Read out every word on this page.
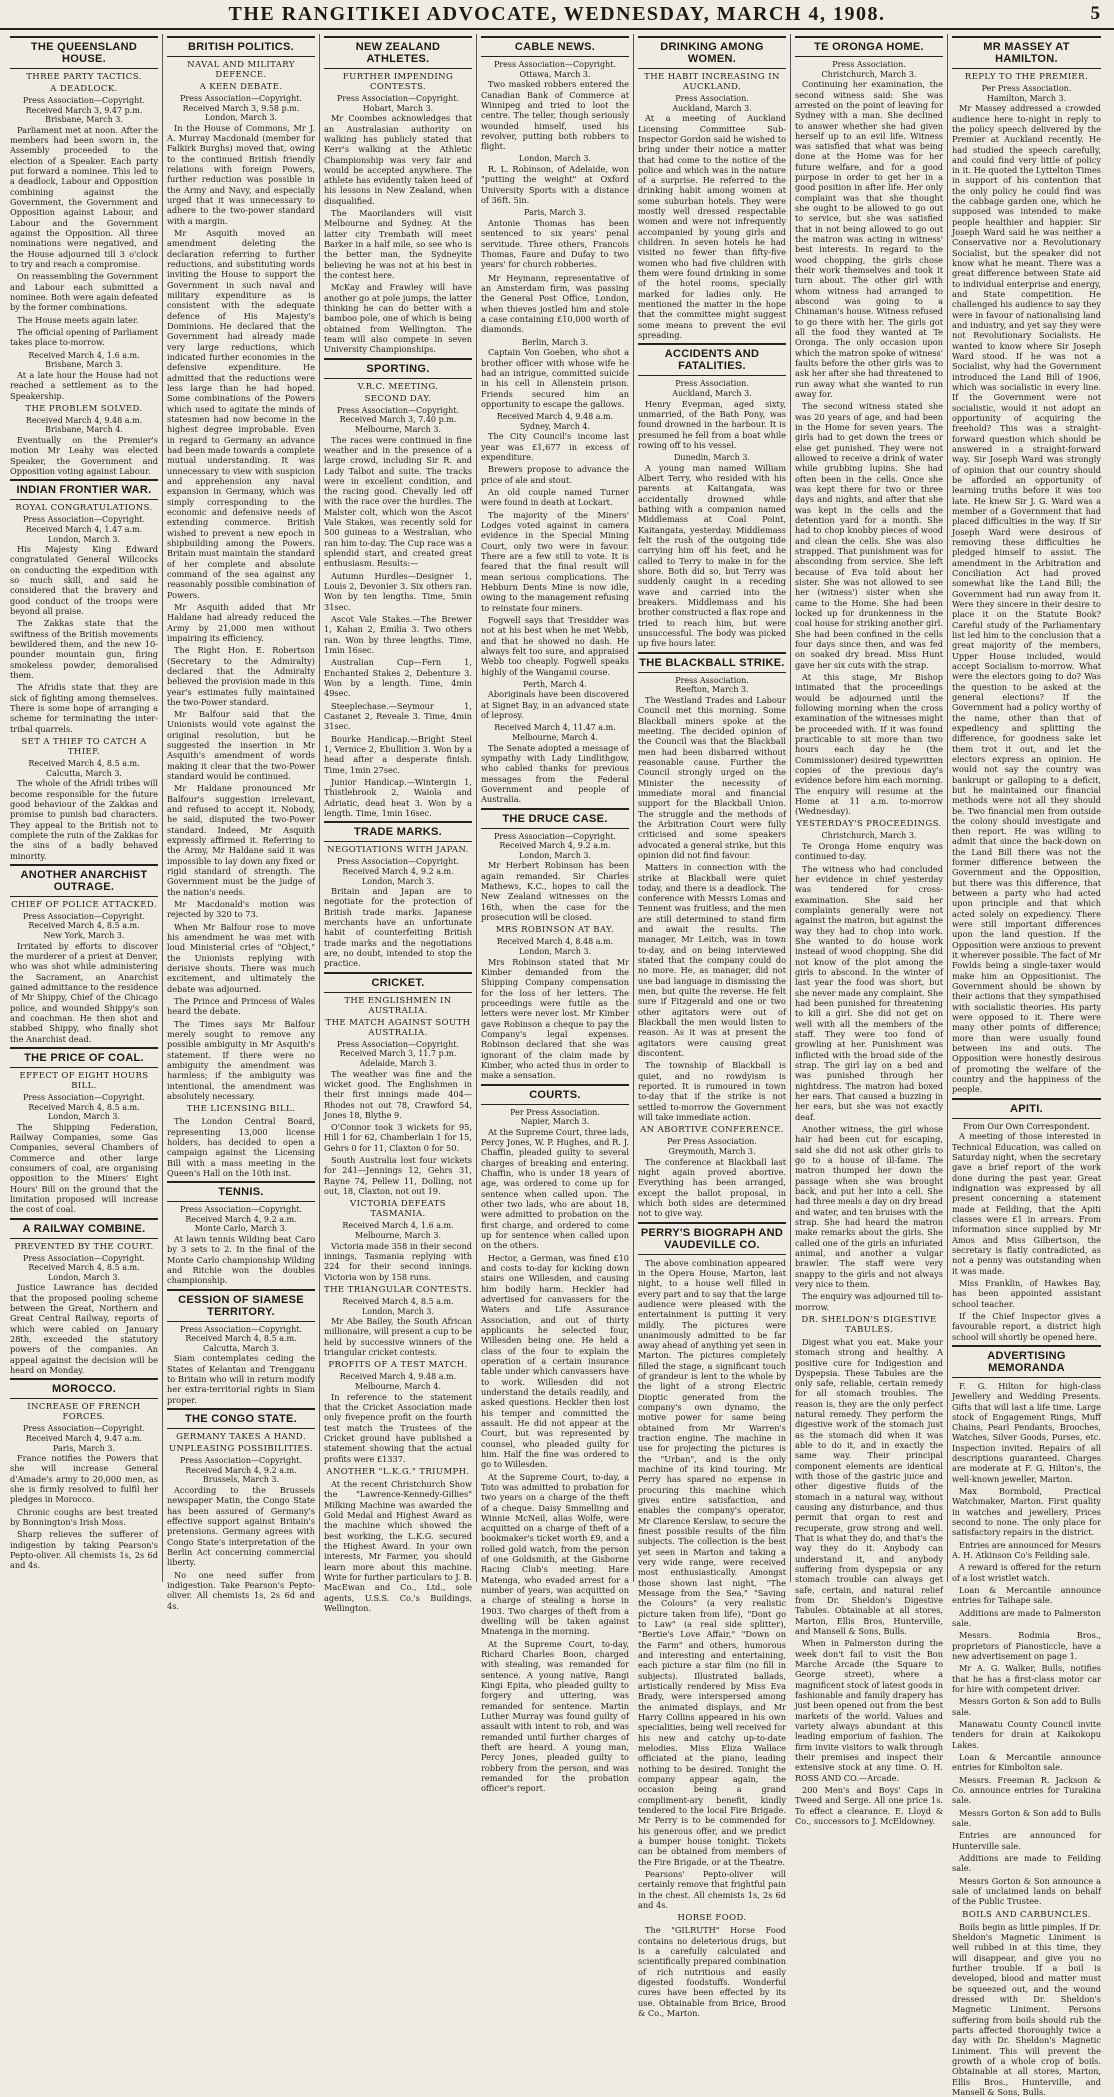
THE RANGITIKEI ADVOCATE, WEDNESDAY, MARCH 4, 1908.	5
THE QUEENSLAND HOUSE.
THREE PARTY TACTICS.
A DEADLOCK.
Press Association—Copyright.
Received March 3, 9.47 p.m.
Brisbane, March 3.

Parliament met at noon. After the members had been sworn in, the Assembly proceeded to the election of a Speaker. Each party put forward a nominee. This led to a deadlock, Labour and Opposition combining against the Government, the Government and Opposition against Labour, and Labour and the Government against the Opposition. All three nominations were negatived, and the House adjourned till 3 o'clock to try and reach a compromise.

On reassembling the Government and Labour each submitted a nominee. Both were again defeated by the former combinations.

The House meets again later.

The official opening of Parliament takes place to-morrow.

Received March 4, 1.6 a.m.
Brisbane, March 3.

At a late hour the House had not reached a settlement as to the Speakership.

THE PROBLEM SOLVED.
Received March 4, 9.48 a.m.
Brisbane, March 4.

Eventually on the Premier's motion Mr Leahy was elected Speaker, the Government and Opposition voting against Labour.

INDIAN FRONTIER WAR.
ROYAL CONGRATULATIONS.
Press Association—Copyright.
Received March 4, 1.47 a.m.
London, March 3.

His Majesty King Edward congratulated General Willcocks on conducting the expedition with so much skill, and said he considered that the bravery and good conduct of the troops were beyond all praise.

The Zakkas state that the swiftness of the British movements bewildered them, and the new 10-pounder mountain gun, firing smokeless powder, demoralised them.

The Afridis state that they are sick of fighting among themselves. There is some hope of arranging a scheme for terminating the inter-tribal quarrels.

SET A THIEF TO CATCH A THIEF.
Received March 4, 8.5 a.m.
Calcutta, March 3.

The whole of the Afridi tribes will become responsible for the future good behaviour of the Zakkas and promise to punish bad characters. They appeal to the British not to complete the ruin of the Zakkas for the sins of a badly behaved minority.

ANOTHER ANARCHIST OUTRAGE.
CHIEF OF POLICE ATTACKED.
Press Association—Copyright.
Received March 4, 8.5 a.m.
New York, March 3.

Irritated by efforts to discover the murderer of a priest at Denver, who was shot while administering the Sacrament, an Anarchist gained admittance to the residence of Mr Shippy, Chief of the Chicago police, and wounded Shippy's son and coachman. He then shot and stabbed Shippy, who finally shot the Anarchist dead.

THE PRICE OF COAL.
EFFECT OF EIGHT HOURS BILL.
Press Association—Copyright.
Received March 4, 8.5 a.m.
London, March 3.

The Shipping Federation, Railway Companies, some Gas Companies, several Chambers of Commerce and other large consumers of coal, are organising opposition to the Miners' Eight Hours' Bill on the ground that the limitation proposed will increase the cost of coal.

A RAILWAY COMBINE.
PREVENTED BY THE COURT.
Press Association—Copyright.
Received March 4, 8.5 a.m.
London, March 3.

Justice Lawrance has decided that the proposed pooling scheme between the Great, Northern and Great Central Railway, reports of which were cabled on January 28th, exceeded the statutory powers of the companies. An appeal against the decision will be heard on Monday.

MOROCCO.
INCREASE OF FRENCH FORCES.
Press Association—Copyright.
Received March 4, 9.47 a.m.
Paris, March 3.

France notifies the Powers that she will increase General d'Amade's army to 20,000 men, as she is firmly resolved to fulfil her pledges in Morocco.

Chronic coughs are best treated by Bonnington's Irish Moss.

Sharp relieves the sufferer of indigestion by taking Pearson's Pepto-oliver. All chemists 1s, 2s 6d and 4s.

BRITISH POLITICS.
NAVAL AND MILITARY DEFENCE.
A KEEN DEBATE.
Press Association—Copyright.
Received March 3, 9.58 p.m.
London, March 3.

In the House of Commons, Mr J. A. Murray Macdonald (member for Falkirk Burghs) moved that, owing to the continued British friendly relations with foreign Powers, further reduction was possible in the Army and Navy, and especially urged that it was unnecessary to adhere to the two-power standard with a margin.

Mr Asquith moved an amendment deleting the declaration referring to further reductions, and substituting words inviting the House to support the Government in such naval and military expenditure as is consistent with the adequate defence of His Majesty's Dominions. He declared that the Government had already made very large reductions, which indicated further economies in the defensive expenditure. He admitted that the reductions were less large than he had hoped. Some combinations of the Powers which used to agitate the minds of statesmen had now become in the highest degree improbable. Even in regard to Germany an advance had been made towards a complete mutual understanding. It was unnecessary to view with suspicion and apprehension any naval expansion in Germany, which was simply corresponding to the economic and defensive needs of extending commerce. British wished to prevent a new epoch in shipbuilding among the Powers. Britain must maintain the standard of her complete and absolute command of the sea against any reasonably possible combination of Powers.

Mr Asquith added that Mr Haldane had already reduced the Army by 21,000 men without impairing its efficiency.

The Right Hon. E. Robertson (Secretary to the Admiralty) declared that the Admiralty believed the provision made in this year's estimates fully maintained the two-Power standard.

Mr Balfour said that the Unionists would vote against the original resolution, but he suggested the insertion in Mr Asquith's amendment of words making it clear that the two-Power standard would be continued.

Mr Haldane pronounced Mr Balfour's suggestion irrelevant, and refused to accept it. Nobody, he said, disputed the two-Power standard. Indeed, Mr Asquith expressly affirmed it. Referring to the Army, Mr Haldane said it was impossible to lay down any fixed or rigid standard of strength. The Government must be the judge of the nation's needs.

Mr Macdonald's motion was rejected by 320 to 73.

When Mr Balfour rose to move his amendment he was met with loud Ministerial cries of "Object," the Unionists replying with derisive shouts. There was much excitement, and ultimately the debate was adjourned.

The Prince and Princess of Wales heard the debate.

The Times says Mr Balfour merely sought to remove any possible ambiguity in Mr Asquith's statement. If there were no ambiguity the amendment was harmless; if the ambiguity was intentional, the amendment was absolutely necessary.

THE LICENSING BILL.

The London Central Board, representing 13,000 license holders, has decided to open a campaign against the Licensing Bill with a mass meeting in the Queen's Hall on the 10th inst.

TENNIS.
Press Association—Copyright.
Received March 4, 9.2 a.m.
Monte Carlo, March 3.

At lawn tennis Wilding beat Caro by 3 sets to 2. In the final of the Monte Carlo championship Wilding and Ritchie won the doubles championship.

CESSION OF SIAMESE TERRITORY.
Press Association—Copyright.
Received March 4, 8.5 a.m.
Calcutta, March 3.

Siam contemplates ceding the States of Kelantan and Trengganu to Britain who will in return modify her extra-territorial rights in Siam proper.

THE CONGO STATE.
GERMANY TAKES A HAND.
UNPLEASING POSSIBILITIES.
Press Association—Copyright.
Received March 4, 9.2 a.m.
Brussels, March 3.

According to the Brussels newspaper Matin, the Congo State has been assured of Germany's effective support against Britain's pretensions. Germany agrees with Congo State's interpretation of the Berlin Act concerning commercial liberty.

No one need suffer from indigestion. Take Pearson's Pepto-oliver. All chemists 1s, 2s 6d and 4s.

NEW ZEALAND ATHLETES.
FURTHER IMPENDING CONTESTS.
Press Association—Copyright.
Hobart, March 3.

Mr Coombes acknowledges that an Australasian authority on walking has publicly stated that Kerr's walking at the Athletic Championship was very fair and would be accepted anywhere. The athlete has evidently taken heed of his lessons in New Zealand, when disqualified.

The Maorilanders will visit Melbourne and Sydney. At the latter city Trembath will meet Barker in a half mile, so see who is the better man, the Sydneyite believing he was not at his best in the contest here.

McKay and Frawley will have another go at pole jumps, the latter thinking he can do better with a bamboo pole, one of which is being obtained from Wellington. The team will also compete in seven University Championships.

SPORTING.
V.R.C. MEETING.
SECOND DAY.
Press Association—Copyright.
Received March 3, 7.40 p.m.
Melbourne, March 3.

The races were continued in fine weather and in the presence of a large crowd, including Sir R. and Lady Talbot and suite. The tracks were in excellent condition, and the racing good. Chevally led off with the race over the hurdles. The Malster colt, which won the Ascot Vale Stakes, was recently sold for 500 guineas to a Westralian, who ran him to-day. The Cup race was a splendid start, and created great enthusiasm. Results:—

Autumn Hurdles—Designer 1, Louis 2, Devonier 3. Six others ran. Won by ten lengths. Time, 5min 31sec.

Ascot Vale Stakes.—The Brewer 1, Kahan 2, Emilia 3. Two others ran. Won by three lengths. Time, 1min 16sec.

Australian Cup—Fern 1, Enchanted Stakes 2, Debenture 3. Won by a length. Time, 4min 49sec.

Steeplechase.—Seymour 1, Castanet 2, Reveale 3. Time, 4min 31sec.

Bourke Handicap.—Bright Steel 1, Vernice 2, Ebullition 3. Won by a head after a desperate finish. Time, 1min 27sec.

Junior Handicap.—Wintergin 1, Thistlebrook 2, Waiola and Adriatic, dead heat 3. Won by a length. Time, 1min 16sec.

TRADE MARKS.
NEGOTIATIONS WITH JAPAN.
Press Association—Copyright.
Received March 4, 9.2 a.m.
London, March 3.

Britain and Japan are to negotiate for the protection of British trade marks. Japanese merchants have an unfortunate habit of counterfeiting British trade marks and the negotiations are, no doubt, intended to stop the practice.

CRICKET.
THE ENGLISHMEN IN AUSTRALIA.
THE MATCH AGAINST SOUTH AUSTRALIA.
Press Association—Copyright.
Received March 3, 11.7 p.m.
Adelaide, March 3.

The weather was fine and the wicket good. The Englishmen in their first innings made 404—Rhodes not out 78, Crawford 54, Jones 18, Blythe 9.

O'Connor took 3 wickets for 95, Hill 1 for 62, Chamberlain 1 for 15, Gehrs 0 for 11, Claxton 0 for 50.

South Australia lost four wickets for 241—Jennings 12, Gehrs 31, Rayne 74, Pellew 11, Dolling, not out, 18, Claxton, not out 19.

VICTORIA DEFEATS TASMANIA.
Received March 4, 1.6 a.m.
Melbourne, March 3.

Victoria made 358 in their second innings, Tasmania replying with 224 for their second innings. Victoria won by 158 runs.

THE TRIANGULAR CONTESTS.
Received March 4, 8.5 a.m.
London, March 3.

Mr Abe Bailey, the South African millionaire, will present a cup to be held by successive winners of the triangular cricket contests.

PROFITS OF A TEST MATCH.
Received March 4, 9.48 a.m.
Melbourne, March 4.

In reference to the statement that the Cricket Association made only fivepence profit on the fourth test match the Trustees of the Cricket ground have published a statement showing that the actual profits were £1337.

ANOTHER "L.K.G." TRIUMPH.

At the recent Christchurch Show the "Lawrence-Kennedy-Gillies" Milking Machine was awarded the Gold Medal and Highest Award as the machine which showed the best working, the L.K.G. secured the Highest Award. In your own interests, Mr Farmer, you should learn more about this machine. Write for further particulars to J. B. MacEwan and Co., Ltd., sole agents, U.S.S. Co.'s Buildings, Wellington.

CABLE NEWS.
Press Association—Copyright.
Ottawa, March 3.

Two masked robbers entered the Canadian Bank of Commerce at Winnipeg and tried to loot the centre. The teller, though seriously wounded himself, used his revolver, putting both robbers to flight.

London, March 3.

R. L. Robinson, of Adelaide, won "putting the weight" at Oxford University Sports with a distance of 36ft. 5in.

Paris, March 3.

Antonie Thomas has been sentenced to six years' penal servitude. Three others, Francois Thomas, Faure and Dufay to two years' for church robberies.

Mr Heymann, representative of an Amsterdam firm, was passing the General Post Office, London, when thieves jostled him and stole a case containing £10,000 worth of diamonds.

Berlin, March 3.

Captain Von Goeben, who shot a brother officer with whose wife he had an intrigue, committed suicide in his cell in Allenstein prison. Friends secured him an opportunity to escape the gallows.

Received March 4, 9.48 a.m.
Sydney, March 4.

The City Council's income last year was £1,677 in excess of expenditure.

Brewers propose to advance the price of ale and stout.

An old couple named Turner were found in death at Lockart.

The majority of the Miners' Lodges voted against in camera evidence in the Special Mining Court, only two were in favour. There are a few still to vote. It is feared that the final result will mean serious complications. The Hebburn Dents Mine is now idle, owing to the management refusing to reinstate four miners.

Fogwell says that Tresidder was not at his best when he met Webb, and that he showed no dash. He always felt too sure, and appraised Webb too cheaply. Fogwell speaks highly of the Wanganui course.

Perth, March 4.

Aboriginals have been discovered at Signet Bay, in an advanced state of leprosy.

Received March 4, 11.47 a.m.
Melbourne, March 4.

The Senate adopted a message of sympathy with Lady Lindlithgow, who cabled thanks for previous messages from the Federal Government and people of Australia.

THE DRUCE CASE.
Press Association—Copyright.
Received March 4, 9.2 a.m.
London, March 3.

Mr Herbert Robinson has been again remanded. Sir Charles Mathews, K.C., hopes to call the New Zealand witnesses on the 16th, when the case for the prosecution will be closed.

MRS ROBINSON AT BAY.
Received March 4, 8.48 a.m.
London, March 3.

Mrs Robinson stated that Mr Kimber demanded from the Shipping Company compensation for the loss of her letters. The proceedings were futile as the letters were never lost. Mr Kimber gave Robinson a cheque to pay the Company's legal expenses. Robinson declared that she was ignorant of the claim made by Kimber, who acted thus in order to make a sensation.

COURTS.
Per Press Association.
Napier, March 3.

At the Supreme Court, three lads, Percy Jones, W. P. Hughes, and R. J. Chaffin, pleaded guilty to several charges of breaking and entering. Chaffin, who is under 18 years of age, was ordered to come up for sentence when called upon. The other two lads, who are about 18, were admitted to probation on the first charge, and ordered to come up for sentence when called upon on the others.

Hector, a German, was fined £10 and costs to-day for kicking down stairs one Willesden, and causing him bodily harm. Heckler had advertised for canvassers for the Waters and Life Assurance Association, and out of thirty applicants he selected four, Willesden being one. He held a class of the four to explain the operation of a certain insurance table under which canvassers have to work. Willesden did not understand the details readily, and asked questions. Heckler then lost his temper and committed the assault. He did not appear at the Court, but was represented by counsel, who pleaded guilty for him. Half the fine was ordered to go to Willesden.

At the Supreme Court, to-day, a Toto was admitted to probation for two years on a charge of the theft of a cheque. Daisy Smmelling and Winnie McNeil, alias Wolfe, were acquitted on a charge of theft of a bookmaker's ticket worth £9, and a rolled gold watch, from the person of one Goldsmith, at the Gisborne Racing Club's meeting. Hare Matenga, who evaded arrest for a number of years, was acquitted on a charge of stealing a horse in 1903. Two charges of theft from a dwelling will be taken against Mnatenga in the morning.

At the Supreme Court, to-day, Richard Charles Boon, charged with stealing, was remanded for sentence. A young native, Rangi Kingi Epita, who pleaded guilty to forgery and uttering, was remanded for sentence. Martin Luther Murray was found guilty of assault with intent to rob, and was remanded until further charges of theft are heard. A young man, Percy Jones, pleaded guilty to robbery from the person, and was remanded for the probation officer's report.

DRINKING AMONG WOMEN.
THE HABIT INCREASING IN AUCKLAND.
Press Association.
Auckland, March 3.

At a meeting of Auckland Licensing Committee Sub-Inspector Gordon said he wished to bring under their notice a matter that had come to the notice of the police and which was in the nature of a surprise. He referred to the drinking habit among women at some suburban hotels. They were mostly well dressed respectable women and were not infrequently accompanied by young girls and children. In seven hotels he had visited no fewer than fifty-five women who had five children with them were found drinking in some of the hotel rooms, specially marked for ladies only. He mentioned the matter in the hope that the committee might suggest some means to prevent the evil spreading.

ACCIDENTS AND FATALITIES.
Press Association.
Auckland, March 3.

Henry Evepman, aged sixty, unmarried, of the Bath Pony, was found drowned in the harbour. It is presumed he fell from a boat while rowing off to his vessel.

Dunedin, March 3.

A young man named William Albert Terry, who resided with his parents at Kaitangata, was accidentally drowned while bathing with a companion named Middlemass at Coal Point, Kaitangata, yesterday. Middlemass felt the rush of the outgoing tide carrying him off his feet, and he called to Terry to make in for the shore. Both did so, but Terry was suddenly caught in a receding wave and carried into the breakers. Middlemass and his brother constructed a flax rope and tried to reach him, but were unsuccessful. The body was picked up five hours later.

THE BLACKBALL STRIKE.
Press Association.
Reefton, March 3.

The Westland Trades and Labour Council met this morning. Some Blackball miners spoke at the meeting. The decided opinion of the Council was that the Blackball men had been disbarred without reasonable cause. Further the Council strongly urged on the Minister the necessity of immediate moral and financial support for the Blackball Union. The struggle and the methods of the Arbitration Court were fully criticised and some speakers advocated a general strike, but this opinion did not find favour.

Matters in connection with the strike at Blackball were quiet today, and there is a deadlock. The conference with Messrs Lomas and Tennent was fruitless, and the men are still determined to stand firm and await the results. The manager, Mr Leitch, was in town to-day, and on being interviewed stated that the company could do no more. He, as manager, did not use bad language in dismissing the men, but quite the reverse. He felt sure if Fitzgerald and one or two other agitators were out of Blackball the men would listen to reason. As it was at present the agitators were causing great discontent.

The township of Blackball is quiet, and no rowdyism is reported. It is rumoured in town to-day that if the strike is not settled to-morrow the Government will take immediate action.

AN ABORTIVE CONFERENCE.
Per Press Association.
Greymouth, March 3.

The conference at Blackball last night again proved abortive. Everything has been arranged, except the ballot proposal, in which both sides are determined not to give way.

PERRY'S BIOGRAPH AND VAUDEVILLE CO.

The above combination appeared in the Opera House, Marton, last night, to a house well filled in every part and to say that the large audience were pleased with the entertainment is putting it very mildly. The pictures were unanimously admitted to be far away ahead of anything yet seen in Marton. The pictures completely filled the stage, a significant touch of grandeur is lent to the whole by the light of a strong Electric Dioptic generated from the company's own dynamo, the motive power for same being obtained from Mr Warren's traction engine. The machine in use for projecting the pictures is the "Urban", and is the only machine of its kind touring. Mr Perry has spared no expense in procuring this machine which gives entire satisfaction, and enables the company's operator, Mr Clarence Kerslaw, to secure the finest possible results of the film subjects. The collection is the best yet seen in Marton and taking a very wide range, were received most enthusiastically. Amongst those shown last night, "The Message from the Sea," "Saving the Colours" (a very realistic picture taken from life), "Dont go to Law" (a real side splitter), "Bertie's Love Affair," "Down on the Farm" and others, humorous and interesting and entertaining, each picture a star film (no fill in subjects). Illustrated ballads, artistically rendered by Miss Eva Brady, were interspersed among the animated displays, and Mr Harry Collins appeared in his own specialities, being well received for his new and catchy up-to-date melodies. Miss Eliza Wallace officiated at the piano, leading nothing to be desired. Tonight the company appear again, the occasion being a grand compliment-ary benefit, kindly tendered to the local Fire Brigade. Mr Perry is to be commended for his generous offer, and we predict a bumper house tonight. Tickets can be obtained from members of the Fire Brigade, or at the Theatre.

Pearsons' Pepto-oliver will certainly remove that frightful pain in the chest. All chemists 1s, 2s 6d and 4s.

HORSE FOOD.

The "GILRUTH" Horse Food contains no deleterious drugs, but is a carefully calculated and scientifically prepared combination of rich nutritious and easily digested foodstuffs. Wonderful cures have been effected by its use. Obtainable from Brice, Brood & Co., Marton.

TE ORONGA HOME.
Press Association.
Christchurch, March 3.

Continuing her examination, the second witness said: She was arrested on the point of leaving for Sydney with a man. She declined to answer whether she had given herself up to an evil life. Witness was satisfied that what was being done at the Home was for her future welfare, and for a good purpose in order to get her in a good position in after life. Her only complaint was that she thought she ought to be allowed to go out to service, but she was satisfied that in not being allowed to go out the matron was acting in witness' best interests. In regard to the wood chopping, the girls chose their work themselves and took it turn about. The other girl with whom witness had arranged to abscond was going to a Chinaman's house. Witness refused to go there with her. The girls got all the food they wanted at Te Oronga. The only occasion upon which the matron spoke of witness' faults before the other girls was to ask her after she had threatened to run away what she wanted to run away for.

The second witness stated she was 20 years of age, and had been in the Home for seven years. The girls had to get down the trees or else get punished. They were not allowed to receive a drink of water while grubbing lupins. She had often been in the cells. Once she was kept there for two or three days and nights, and after that she was kept in the cells and the detention yard for a month. She had to chop knobby pieces of wood and clean the cells. She was also strapped. That punishment was for absconding from service. She left because of Eva told about her sister. She was not allowed to see her (witness') sister when she came to the Home. She had been locked up for drunkenness in the coal house for striking another girl. She had been confined in the cells four days since then, and was fed on soaked dry bread. Miss Hunt gave her six cuts with the strap.

At this stage, Mr Bishop intimated that the proceedings would be adjourned until the following morning when the cross examination of the witnesses might be proceeded with. If it was found practicable to sit more than two hours each day he (the Commissioner) desired typewritten copies of the previous day's evidence before him each morning. The enquiry will resume at the Home at 11 a.m. to-morrow (Wednesday).

YESTERDAY'S PROCEEDINGS.
Christchurch, March 3.

Te Oronga Home enquiry was continued to-day.

The witness who had concluded her evidence in chief yesterday was tendered for cross-examination. She said her complaints generally were not against the matron, but against the way they had to chop into work. She wanted to do house work instead of wood chopping. She did not know of the plot among the girls to abscond. In the winter of last year the food was short, but she never made any complaint. She had been punished for threatening to kill a girl. She did not get on well with all the members of the staff. They were too fond of growling at her. Punishment was inflicted with the broad side of the strap. The girl lay on a bed and was punished through her nightdress. The matron had boxed her ears. That caused a buzzing in her ears, but she was not exactly deaf.

Another witness, the girl whose hair had been cut for escaping, said she did not ask other girls to go to a house of ill-fame. The matron thumped her down the passage when she was brought back, and put her into a cell. She had three meals a day on dry bread and water, and ten bruises with the strap. She had heard the matron make remarks about the girls. She called one of the girls an infuriated animal, and another a vulgar brawler. The staff were very snappy to the girls and not always very nice to them.

The enquiry was adjourned till to-morrow.

DR. SHELDON'S DIGESTIVE TABULES.

Digest what you eat. Make your stomach strong and healthy. A positive cure for Indigestion and Dyspepsia. These Tabules are the only safe, reliable, certain remedy for all stomach troubles. The reason is, they are the only perfect natural remedy. They perform the digestive work of the stomach just as the stomach did when it was able to do it, and in exactly the same way. Their principal component elements are identical with those of the gastric juice and other digestive fluids of the stomach in a natural way, without causing any disturbance, and thus permit that organ to rest and recuperate, grow strong and well. That is what they do, and that's the way they do it. Anybody can understand it, and anybody suffering from dyspepsia or any stomach trouble can always get safe, certain, and natural relief from Dr. Sheldon's Digestive Tabules. Obtainable at all stores, Marton, Ellis Bros, Hunterville, and Mansell & Sons, Bulls.

When in Palmerston during the week don't fail to visit the Bon Marche Arcade (the Square to George street), where a magnificent stock of latest goods in fashionable and family drapery has just been opened out from the best markets of the world. Values and variety always abundant at this leading emporium of fashion. The firm invite visitors to walk through their premises and inspect their extensive stock at any time. O. H. ROSS AND CO.—Arcade.

200 Men's and Boys' Caps in Tweed and Serge. All one price 1s. To effect a clearance. E. Lloyd & Co., successors to J. McEldowney.

MR MASSEY AT HAMILTON.
REPLY TO THE PREMIER.
Per Press Association.
Hamilton, March 3.

Mr Massey addressed a crowded audience here to-night in reply to the policy speech delivered by the Premier at Auckland recently. He had studied the speech carefully, and could find very little of policy in it. He quoted the Lyttelton Times in support of his contention that the only policy he could find was the cabbage garden one, which he supposed was intended to make people healthier and happier. Sir Joseph Ward said he was neither a Conservative nor a Revolutionary Socialist, but the speaker did not know what he meant. There was a great difference between State aid to individual enterprise and energy, and State competition. He challenged his audience to say they were in favour of nationalising land and industry, and yet say they were not Revolutionary Socialists. He wanted to know where Sir Joseph Ward stood. If he was not a Socialist, why had the Government introduced the Land Bill of 1906, which was socialistic in every line. If the Government were not socialistic, would it not adopt an opportunity of acquiring the freehold? This was a straight-forward question which should be answered in a straight-forward way. Sir Joseph Ward was strongly of opinion that our country should be afforded an opportunity of learning truths before it was too late. He knew Sir J. G. Ward was a member of a Government that had placed difficulties in the way. If Sir Joseph Ward were desirous of removing these difficulties he pledged himself to assist. The amendment in the Arbitration and Conciliation Act had proved somewhat like the Land Bill; the Government had run away from it. Were they sincere in their desire to place it on the Statute Book? Careful study of the Parliamentary list led him to the conclusion that a great majority of the members, Upper House included, would accept Socialism to-morrow. What were the electors going to do? Was the question to be asked at the general elections? If the Government had a policy worthy of the name, other than that of expediency and splitting the difference, for goodness sake let them trot it out, and let the electors express an opinion. He would not say the country was bankrupt or galloping to a deficit, but he maintained our financial methods were not all they should be. Two financial men from outside the colony should investigate and then report. He was willing to admit that since the back-down on the Land Bill there was not the former difference between the Government and the Opposition, but there was this difference, that between a party who had acted upon principle and that which acted solely on expediency. There were still important differences upon the land question. If the Opposition were anxious to prevent it wherever possible. The fact of Mr Fowlds being a single-taxer would make him an Oppositionist. The Government should be shown by their actions that they sympathised with socialistic theories. His party were opposed to it. There were many other points of difference; more than were usually found between ins and outs. The Opposition were honestly desirous of promoting the welfare of the country and the happiness of the people.

APITI.
From Our Own Correspondent.

A meeting of those interested in Technical Education, was called on Saturday night, when the secretary gave a brief report of the work done during the past year. Great indignation was expressed by all present concerning a statement made at Feilding, that the Apiti classes were £1 in arrears. From information since supplied by Mr Amos and Miss Gilbertson, the secretary is flatly contradicted, as not a penny was outstanding when it was made.

Miss Franklin, of Hawkes Bay, has been appointed assistant school teacher.

If the Chief Inspector gives a favourable report, a district high school will shortly be opened here.

ADVERTISING MEMORANDA

F. G. Hilton for high-class Jewellery and Wedding Presents. Gifts that will last a life time. Large stock of Engagement Rings, Muff Chains, Pearl Pendants, Brooches, Watches, Silver Goods, Purses, etc. Inspection invited. Repairs of all descriptions guaranteed. Charges are moderate at F. G. Hilton's, the well-known jeweller, Marton.

Max Bormbold, Practical Watchmaker, Marton. First quality in watches and jewellery. Prices second to none. The only place for satisfactory repairs in the district.

Entries are announced for Messrs A. H. Atkinson Co's Feilding sale.

A reward is offered for the return of a lost wristlet watch.

Loan & Mercantile announce entries for Taihape sale.

Additions are made to Palmerston sale.

Messrs. Rodmia Bros., proprietors of Pianosticcle, have a new advertisement on page 1.

Mr A. G. Walker, Bulls, notifies that he has a first-class motor car for hire with competent driver.

Messrs Gorton & Son add to Bulls sale.

Manawatu County Council invite tenders for drain at Kaikokopu Lakes.

Loan & Mercantile announce entries for Kimbolton sale.

Messrs. Freeman R. Jackson & Co. announce entries for Turakina sale.

Messrs Gorton & Son add to Bulls sale.

Entries are announced for Hunterville sale.

Additions are made to Feilding sale.

Messrs Gorton & Son announce a sale of unclaimed lands on behalf of the Public Trustee.

BOILS AND CARBUNCLES.

Boils begin as little pimples. If Dr. Sheldon's Magnetic Liniment is well rubbed in at this time, they will disappear, and give you no further trouble. If a boil is developed, blood and matter must be squeezed out, and the wound dressed with Dr. Sheldon's Magnetic Liniment. Persons suffering from boils should rub the parts affected thoroughly twice a day with Dr. Sheldon's Magnetic Liniment. This will prevent the growth of a whole crop of boils. Obtainable at all stores, Marton, Ellis Bros., Hunterville, and Mansell & Sons, Bulls.
